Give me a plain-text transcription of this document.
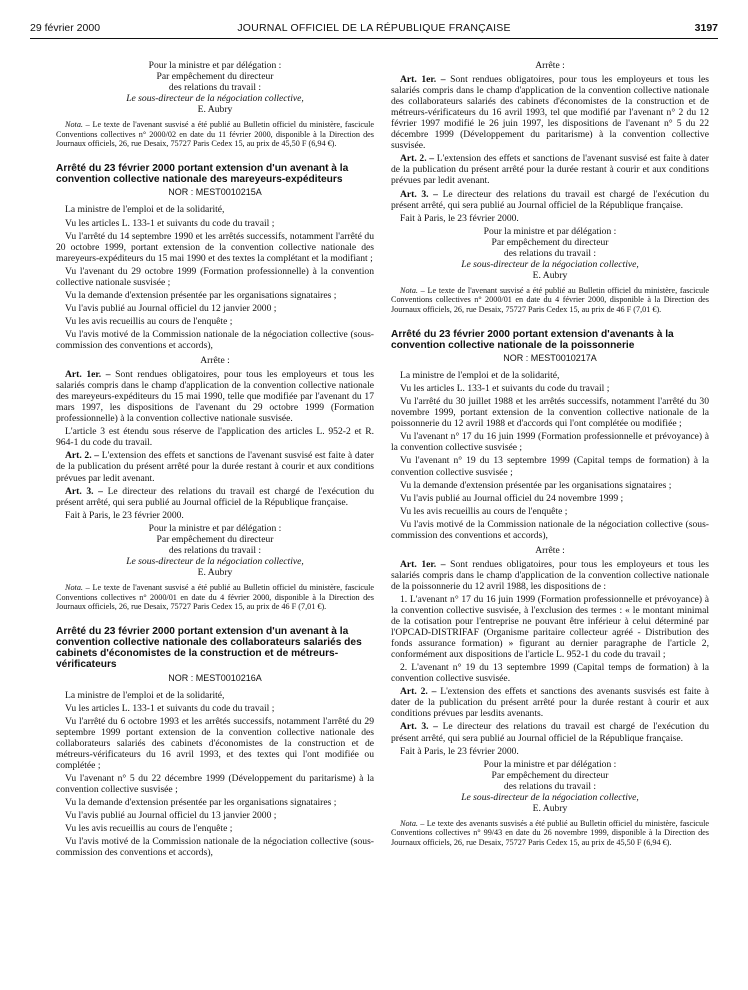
29 février 2000	JOURNAL OFFICIEL DE LA RÉPUBLIQUE FRANÇAISE	3197

Pour la ministre et par délégation :

Par empêchement du directeur

des relations du travail :

Le sous-directeur de la négociation collective,

E. Aubry

Nota. – Le texte de l'avenant susvisé a été publié au Bulletin officiel du ministère, fascicule Conventions collectives n° 2000/02 en date du 11 février 2000, disponible à la Direction des Journaux officiels, 26, rue Desaix, 75727 Paris Cedex 15, au prix de 45,50 F (6,94 €).

Arrêté du 23 février 2000 portant extension d'un avenant à la convention collective nationale des mareyeurs-expéditeurs

NOR : MESТ0010215A

La ministre de l'emploi et de la solidarité,

Vu les articles L. 133-1 et suivants du code du travail ;

Vu l'arrêté du 14 septembre 1990 et les arrêtés successifs, notamment l'arrêté du 20 octobre 1999, portant extension de la convention collective nationale des mareyeurs-expéditeurs du 15 mai 1990 et des textes la complétant et la modifiant ;

Vu l'avenant du 29 octobre 1999 (Formation professionnelle) à la convention collective nationale susvisée ;

Vu la demande d'extension présentée par les organisations signataires ;

Vu l'avis publié au Journal officiel du 12 janvier 2000 ;

Vu les avis recueillis au cours de l'enquête ;

Vu l'avis motivé de la Commission nationale de la négociation collective (sous-commission des conventions et accords),

Arrête :

Art. 1er. – Sont rendues obligatoires, pour tous les employeurs et tous les salariés compris dans le champ d'application de la convention collective nationale des mareyeurs-expéditeurs du 15 mai 1990, telle que modifiée par l'avenant du 17 mars 1997, les dispositions de l'avenant du 29 octobre 1999 (Formation professionnelle) à la convention collective nationale susvisée.

L'article 3 est étendu sous réserve de l'application des articles L. 952-2 et R. 964-1 du code du travail.

Art. 2. – L'extension des effets et sanctions de l'avenant susvisé est faite à dater de la publication du présent arrêté pour la durée restant à courir et aux conditions prévues par ledit avenant.

Art. 3. – Le directeur des relations du travail est chargé de l'exécution du présent arrêté, qui sera publié au Journal officiel de la République française.

Fait à Paris, le 23 février 2000.

Pour la ministre et par délégation :

Par empêchement du directeur

des relations du travail :

Le sous-directeur de la négociation collective,

E. Aubry

Nota. – Le texte de l'avenant susvisé a été publié au Bulletin officiel du ministère, fascicule Conventions collectives n° 2000/01 en date du 4 février 2000, disponible à la Direction des Journaux officiels, 26, rue Desaix, 75727 Paris Cedex 15, au prix de 46 F (7,01 €).

Arrêté du 23 février 2000 portant extension d'un avenant à la convention collective nationale des collaborateurs salariés des cabinets d'économistes de la construction et de métreurs-vérificateurs

NOR : MESТ0010216A

La ministre de l'emploi et de la solidarité,

Vu les articles L. 133-1 et suivants du code du travail ;

Vu l'arrêté du 6 octobre 1993 et les arrêtés successifs, notamment l'arrêté du 29 septembre 1999 portant extension de la convention collective nationale des collaborateurs salariés des cabinets d'économistes de la construction et de métreurs-vérificateurs du 16 avril 1993, et des textes qui l'ont modifiée ou complétée ;

Vu l'avenant n° 5 du 22 décembre 1999 (Développement du paritarisme) à la convention collective susvisée ;

Vu la demande d'extension présentée par les organisations signataires ;

Vu l'avis publié au Journal officiel du 13 janvier 2000 ;

Vu les avis recueillis au cours de l'enquête ;

Vu l'avis motivé de la Commission nationale de la négociation collective (sous-commission des conventions et accords),

Arrête :

Art. 1er. – Sont rendues obligatoires, pour tous les employeurs et tous les salariés compris dans le champ d'application de la convention collective nationale des collaborateurs salariés des cabinets d'économistes de la construction et de métreurs-vérificateurs du 16 avril 1993, tel que modifié par l'avenant n° 2 du 12 février 1997 modifié le 26 juin 1997, les dispositions de l'avenant n° 5 du 22 décembre 1999 (Développement du paritarisme) à la convention collective susvisée.

Art. 2. – L'extension des effets et sanctions de l'avenant susvisé est faite à dater de la publication du présent arrêté pour la durée restant à courir et aux conditions prévues par ledit avenant.

Art. 3. – Le directeur des relations du travail est chargé de l'exécution du présent arrêté, qui sera publié au Journal officiel de la République française.

Fait à Paris, le 23 février 2000.

Pour la ministre et par délégation :

Par empêchement du directeur

des relations du travail :

Le sous-directeur de la négociation collective,

E. Aubry

Nota. – Le texte de l'avenant susvisé a été publié au Bulletin officiel du ministère, fascicule Conventions collectives n° 2000/01 en date du 4 février 2000, disponible à la Direction des Journaux officiels, 26, rue Desaix, 75727 Paris Cedex 15, au prix de 46 F (7,01 €).

Arrêté du 23 février 2000 portant extension d'avenants à la convention collective nationale de la poissonnerie

NOR : MESТ0010217A

La ministre de l'emploi et de la solidarité,

Vu les articles L. 133-1 et suivants du code du travail ;

Vu l'arrêté du 30 juillet 1988 et les arrêtés successifs, notamment l'arrêté du 30 novembre 1999, portant extension de la convention collective nationale de la poissonnerie du 12 avril 1988 et d'accords qui l'ont complétée ou modifiée ;

Vu l'avenant n° 17 du 16 juin 1999 (Formation professionnelle et prévoyance) à la convention collective susvisée ;

Vu l'avenant n° 19 du 13 septembre 1999 (Capital temps de formation) à la convention collective susvisée ;

Vu la demande d'extension présentée par les organisations signataires ;

Vu l'avis publié au Journal officiel du 24 novembre 1999 ;

Vu les avis recueillis au cours de l'enquête ;

Vu l'avis motivé de la Commission nationale de la négociation collective (sous-commission des conventions et accords),

Arrête :

Art. 1er. – Sont rendues obligatoires, pour tous les employeurs et tous les salariés compris dans le champ d'application de la convention collective nationale de la poissonnerie du 12 avril 1988, les dispositions de :

1. L'avenant n° 17 du 16 juin 1999 (Formation professionnelle et prévoyance) à la convention collective susvisée, à l'exclusion des termes : « le montant minimal de la cotisation pour l'entreprise ne pouvant être inférieur à celui déterminé par l'OPCAD-DISTRIFAF (Organisme paritaire collecteur agréé - Distribution des fonds assurance formation) » figurant au dernier paragraphe de l'article 2, conformément aux dispositions de l'article L. 952-1 du code du travail ;

2. L'avenant n° 19 du 13 septembre 1999 (Capital temps de formation) à la convention collective susvisée.

Art. 2. – L'extension des effets et sanctions des avenants susvisés est faite à dater de la publication du présent arrêté pour la durée restant à courir et aux conditions prévues par lesdits avenants.

Art. 3. – Le directeur des relations du travail est chargé de l'exécution du présent arrêté, qui sera publié au Journal officiel de la République française.

Fait à Paris, le 23 février 2000.

Pour la ministre et par délégation :

Par empêchement du directeur

des relations du travail :

Le sous-directeur de la négociation collective,

E. Aubry

Nota. – Le texte des avenants susvisés a été publié au Bulletin officiel du ministère, fascicule Conventions collectives n° 99/43 en date du 26 novembre 1999, disponible à la Direction des Journaux officiels, 26, rue Desaix, 75727 Paris Cedex 15, au prix de 45,50 F (6,94 €).
